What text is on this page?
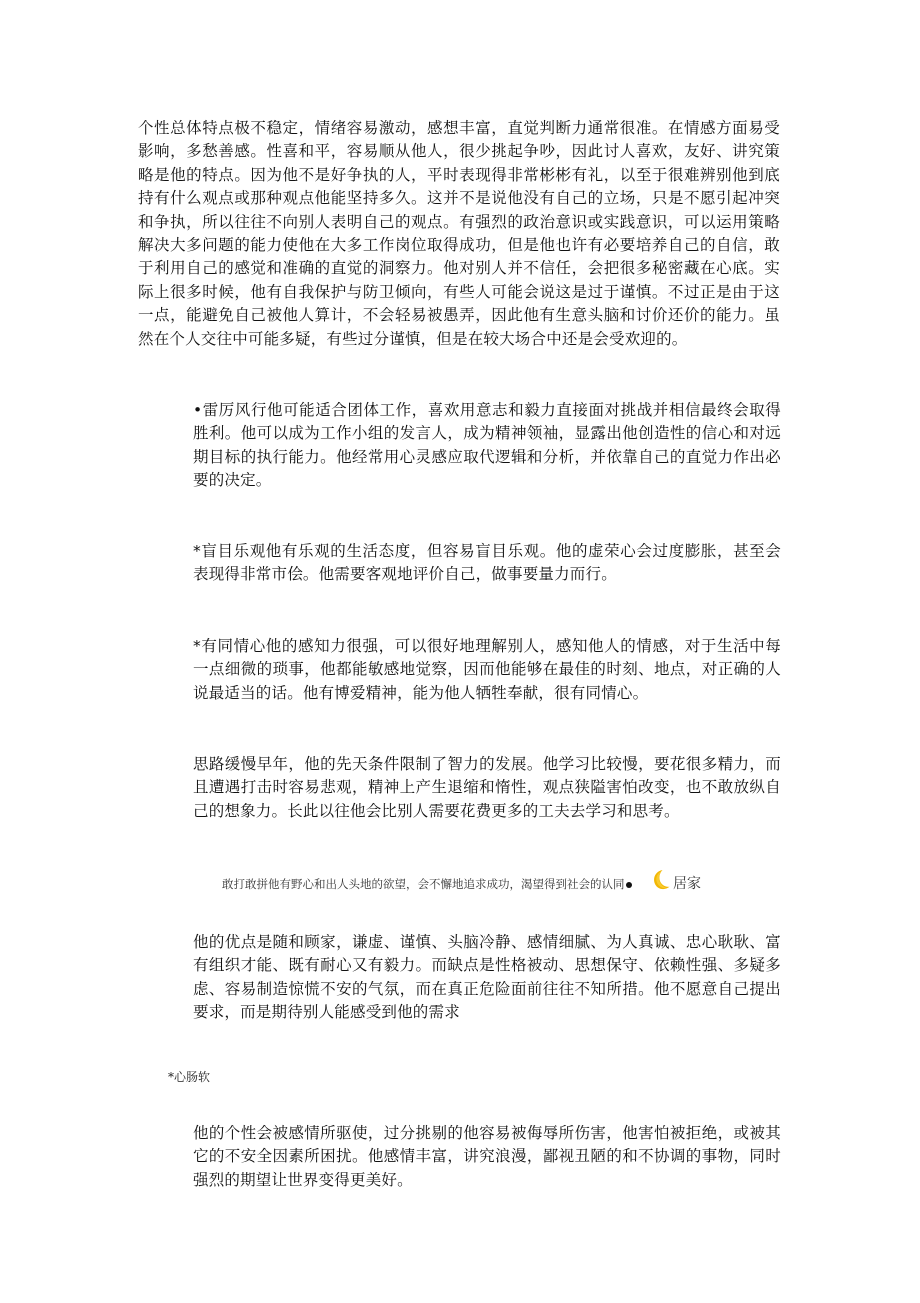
个性总体特点极不稳定，情绪容易激动，感想丰富，直觉判断力通常很准。在情感方面易受影响，多愁善感。性喜和平，容易顺从他人，很少挑起争吵，因此讨人喜欢，友好、讲究策略是他的特点。因为他不是好争执的人，平时表现得非常彬彬有礼，以至于很难辨别他到底持有什么观点或那种观点他能坚持多久。这并不是说他没有自己的立场，只是不愿引起冲突和争执，所以往往不向别人表明自己的观点。有强烈的政治意识或实践意识，可以运用策略解决大多问题的能力使他在大多工作岗位取得成功，但是他也许有必要培养自己的自信，敢于利用自己的感觉和准确的直觉的洞察力。他对别人并不信任，会把很多秘密藏在心底。实际上很多时候，他有自我保护与防卫倾向，有些人可能会说这是过于谨慎。不过正是由于这一点，能避免自己被他人算计，不会轻易被愚弄，因此他有生意头脑和讨价还价的能力。虽然在个人交往中可能多疑，有些过分谨慎，但是在较大场合中还是会受欢迎的。

•雷厉风行他可能适合团体工作，喜欢用意志和毅力直接面对挑战并相信最终会取得胜利。他可以成为工作小组的发言人，成为精神领袖，显露出他创造性的信心和对远期目标的执行能力。他经常用心灵感应取代逻辑和分析，并依靠自己的直觉力作出必要的决定。

*盲目乐观他有乐观的生活态度，但容易盲目乐观。他的虚荣心会过度膨胀，甚至会表现得非常市侩。他需要客观地评价自己，做事要量力而行。

*有同情心他的感知力很强，可以很好地理解别人，感知他人的情感，对于生活中每一点细微的琐事，他都能敏感地觉察，因而他能够在最佳的时刻、地点，对正确的人说最适当的话。他有博爱精神，能为他人牺牲奉献，很有同情心。

思路缓慢早年，他的先天条件限制了智力的发展。他学习比较慢，要花很多精力，而且遭遇打击时容易悲观，精神上产生退缩和惰性，观点狭隘害怕改变，也不敢放纵自己的想象力。长此以往他会比别人需要花费更多的工夫去学习和思考。

敢打敢拼他有野心和出人头地的欲望，会不懈地追求成功，渴望得到社会的认同	居家

他的优点是随和顾家，谦虚、谨慎、头脑冷静、感情细腻、为人真诚、忠心耿耿、富有组织才能、既有耐心又有毅力。而缺点是性格被动、思想保守、依赖性强、多疑多虑、容易制造惊慌不安的气氛，而在真正危险面前往往不知所措。他不愿意自己提出要求，而是期待别人能感受到他的需求

*心肠软

他的个性会被感情所驱使，过分挑剔的他容易被侮辱所伤害，他害怕被拒绝，或被其它的不安全因素所困扰。他感情丰富，讲究浪漫，鄙视丑陋的和不协调的事物，同时强烈的期望让世界变得更美好。
